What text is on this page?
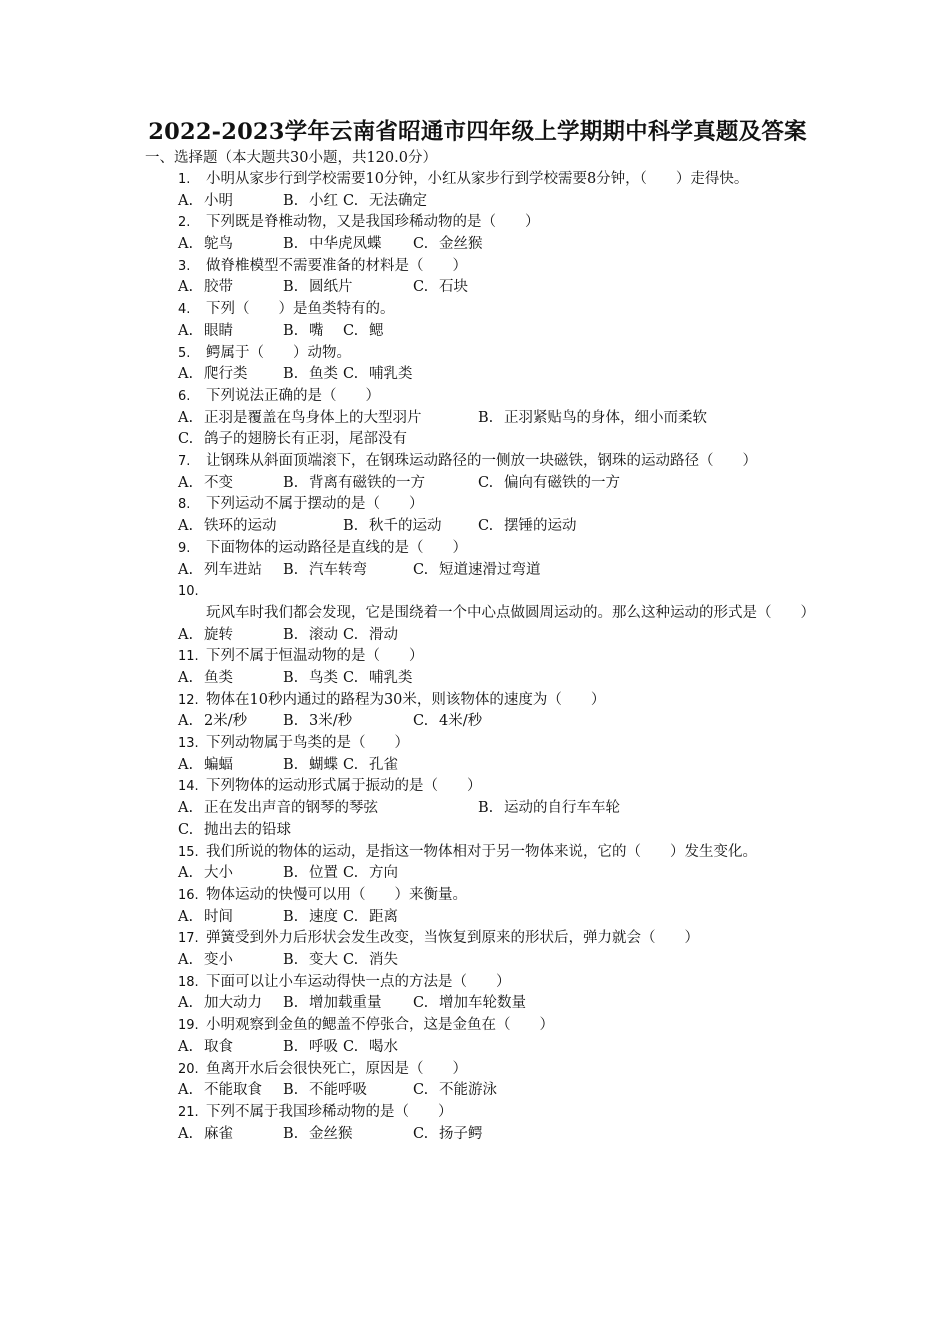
2022-2023学年云南省昭通市四年级上学期期中科学真题及答案
一、选择题（本大题共30小题，共120.0分）
1. 小明从家步行到学校需要10分钟，小红从家步行到学校需要8分钟，（　　）走得快。
A. 小明	B. 小红 C. 无法确定
2. 下列既是脊椎动物，又是我国珍稀动物的是（　　）
A. 鸵鸟	B. 中华虎凤蝶 C. 金丝猴
3. 做脊椎模型不需要准备的材料是（　　）
A. 胶带	B. 圆纸片	C. 石块
4. 下列（　　）是鱼类特有的。
A. 眼睛	B. 嘴 C. 鳃
5. 鳄属于（　　）动物。
A. 爬行类 B. 鱼类 C. 哺乳类
6. 下列说法正确的是（　　）
A. 正羽是覆盖在鸟身体上的大型羽片	B. 正羽紧贴鸟的身体，细小而柔软
C. 鸽子的翅膀长有正羽，尾部没有
7. 让钢珠从斜面顶端滚下，在钢珠运动路径的一侧放一块磁铁，钢珠的运动路径（　　）
A. 不变	B. 背离有磁铁的一方	C. 偏向有磁铁的一方
8. 下列运动不属于摆动的是（　　）
A. 铁环的运动	B. 秋千的运动	C. 摆锤的运动
9. 下面物体的运动路径是直线的是（　　）
A. 列车进站 B. 汽车转弯	C. 短道速滑过弯道
10.玩风车时我们都会发现，它是围绕着一个中心点做圆周运动的。那么这种运动的形式是（　　）
A. 旋转	B. 滚动 C. 滑动
11. 下列不属于恒温动物的是（　　）
A. 鱼类	B. 鸟类 C. 哺乳类
12. 物体在10秒内通过的路程为30米，则该物体的速度为（　　）
A. 2米/秒 B. 3米/秒	C. 4米/秒
13. 下列动物属于鸟类的是（　　）
A. 蝙蝠	B. 蝴蝶 C. 孔雀
14. 下列物体的运动形式属于振动的是（　　）
A. 正在发出声音的钢琴的琴弦	B. 运动的自行车车轮
C. 抛出去的铅球
15. 我们所说的物体的运动，是指这一物体相对于另一物体来说，它的（　　）发生变化。
A. 大小	B. 位置 C. 方向
16. 物体运动的快慢可以用（　　）来衡量。
A. 时间	B. 速度 C. 距离
17. 弹簧受到外力后形状会发生改变，当恢复到原来的形状后，弹力就会（　　）
A. 变小	B. 变大 C. 消失
18. 下面可以让小车运动得快一点的方法是（　　）
A. 加大动力 B. 增加载重量 C. 增加车轮数量
19. 小明观察到金鱼的鳃盖不停张合，这是金鱼在（　　）
A. 取食	B. 呼吸 C. 喝水
20. 鱼离开水后会很快死亡，原因是（　　）
A. 不能取食 B. 不能呼吸	C. 不能游泳
21. 下列不属于我国珍稀动物的是（　　）
A. 麻雀	B. 金丝猴	C. 扬子鳄
